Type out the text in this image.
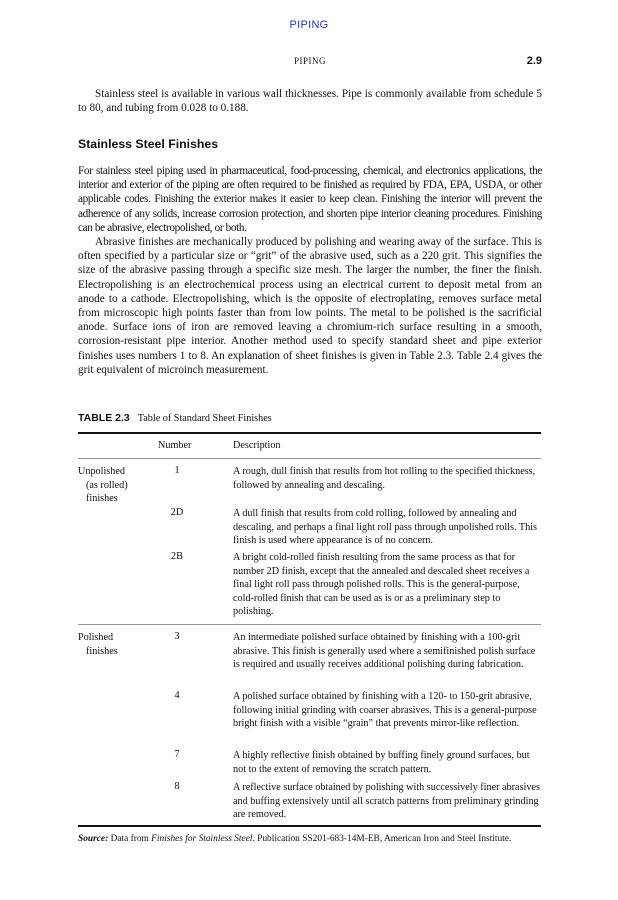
PIPING
PIPING	2.9

Stainless steel is available in various wall thicknesses. Pipe is commonly available from schedule 5 to 80, and tubing from 0.028 to 0.188.

Stainless Steel Finishes

For stainless steel piping used in pharmaceutical, food-processing, chemical, and electronics applications, the interior and exterior of the piping are often required to be finished as required by FDA, EPA, USDA, or other applicable codes. Finishing the exterior makes it easier to keep clean. Finishing the interior will prevent the adherence of any solids, increase corrosion protection, and shorten pipe interior cleaning procedures. Finishing can be abrasive, electropolished, or both.

Abrasive finishes are mechanically produced by polishing and wearing away of the surface. This is often specified by a particular size or “grit” of the abrasive used, such as a 220 grit. This signifies the size of the abrasive passing through a specific size mesh. The larger the number, the finer the finish. Electropolishing is an electrochemical process using an electrical current to deposit metal from an anode to a cathode. Electropolishing, which is the opposite of electroplating, removes surface metal from microscopic high points faster than from low points. The metal to be polished is the sacrificial anode. Surface ions of iron are removed leaving a chromium-rich surface resulting in a smooth, corrosion-resistant pipe interior. Another method used to specify standard sheet and pipe exterior finishes uses numbers 1 to 8. An explanation of sheet finishes is given in Table 2.3. Table 2.4 gives the grit equivalent of microinch measurement.

TABLE 2.3 Table of Standard Sheet Finishes
Number	Description
Unpolished
(as rolled)
finishes
1	A rough, dull finish that results from hot rolling to the specified thickness, followed by annealing and descaling.
2D	A dull finish that results from cold rolling, followed by annealing and descaling, and perhaps a final light roll pass through unpolished rolls. This finish is used where appearance is of no concern.
2B	A bright cold-rolled finish resulting from the same process as that for number 2D finish, except that the annealed and descaled sheet receives a final light roll pass through polished rolls. This is the general-purpose, cold-rolled finish that can be used as is or as a preliminary step to polishing.
Polished
finishes
3	An intermediate polished surface obtained by finishing with a 100-grit abrasive. This finish is generally used where a semifinished polish surface is required and usually receives additional polishing during fabrication.
4	A polished surface obtained by finishing with a 120- to 150-grit abrasive, following initial grinding with coarser abrasives. This is a general-purpose bright finish with a visible “grain” that prevents mirror-like reflection.
7	A highly reflective finish obtained by buffing finely ground surfaces, but not to the extent of removing the scratch pattern.
8	A reflective surface obtained by polishing with successively finer abrasives and buffing extensively until all scratch patterns from preliminary grinding are removed.
Source: Data from Finishes for Stainless Steel. Publication SS201-683-14M-EB, American Iron and Steel Institute.
